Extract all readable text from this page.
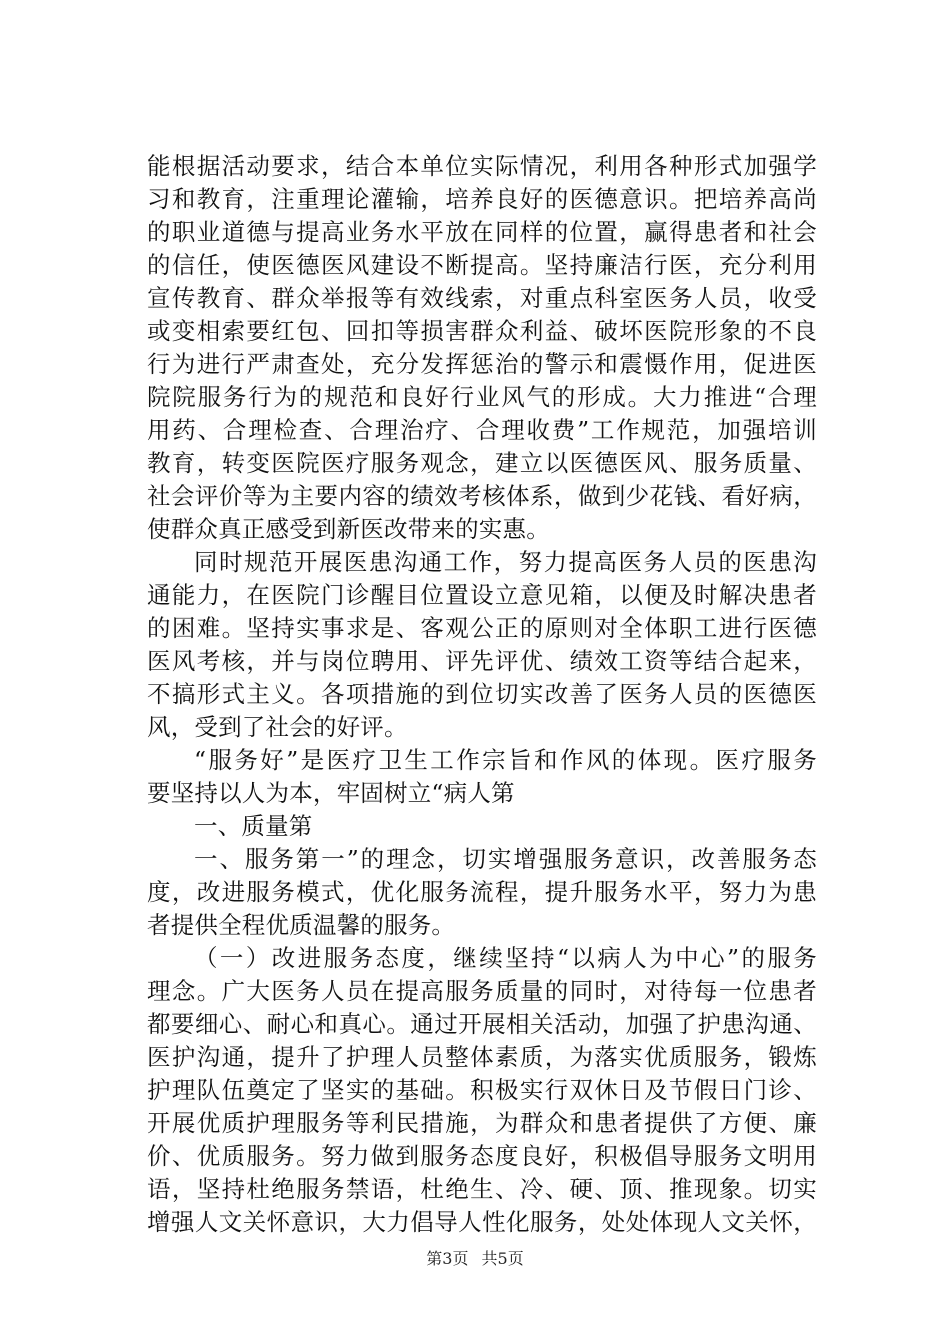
能根据活动要求，结合本单位实际情况，利用各种形式加强学
习和教育，注重理论灌输，培养良好的医德意识。把培养高尚
的职业道德与提高业务水平放在同样的位置，赢得患者和社会
的信任，使医德医风建设不断提高。坚持廉洁行医，充分利用
宣传教育、群众举报等有效线索，对重点科室医务人员，收受
或变相索要红包、回扣等损害群众利益、破坏医院形象的不良
行为进行严肃查处，充分发挥惩治的警示和震慑作用，促进医
院院服务行为的规范和良好行业风气的形成。大力推进“合理
用药、合理检查、合理治疗、合理收费”工作规范，加强培训
教育，转变医院医疗服务观念，建立以医德医风、服务质量、
社会评价等为主要内容的绩效考核体系，做到少花钱、看好病，
使群众真正感受到新医改带来的实惠。
同时规范开展医患沟通工作，努力提高医务人员的医患沟
通能力，在医院门诊醒目位置设立意见箱，以便及时解决患者
的困难。坚持实事求是、客观公正的原则对全体职工进行医德
医风考核，并与岗位聘用、评先评优、绩效工资等结合起来，
不搞形式主义。各项措施的到位切实改善了医务人员的医德医
风，受到了社会的好评。
“服务好”是医疗卫生工作宗旨和作风的体现。医疗服务
要坚持以人为本，牢固树立“病人第
一、质量第
一、服务第一”的理念，切实增强服务意识，改善服务态
度，改进服务模式，优化服务流程，提升服务水平，努力为患
者提供全程优质温馨的服务。
（一）改进服务态度，继续坚持“以病人为中心”的服务
理念。广大医务人员在提高服务质量的同时，对待每一位患者
都要细心、耐心和真心。通过开展相关活动，加强了护患沟通、
医护沟通，提升了护理人员整体素质，为落实优质服务，锻炼
护理队伍奠定了坚实的基础。积极实行双休日及节假日门诊、
开展优质护理服务等利民措施，为群众和患者提供了方便、廉
价、优质服务。努力做到服务态度良好，积极倡导服务文明用
语，坚持杜绝服务禁语，杜绝生、冷、硬、顶、推现象。切实
增强人文关怀意识，大力倡导人性化服务，处处体现人文关怀，
第3页 共5页
